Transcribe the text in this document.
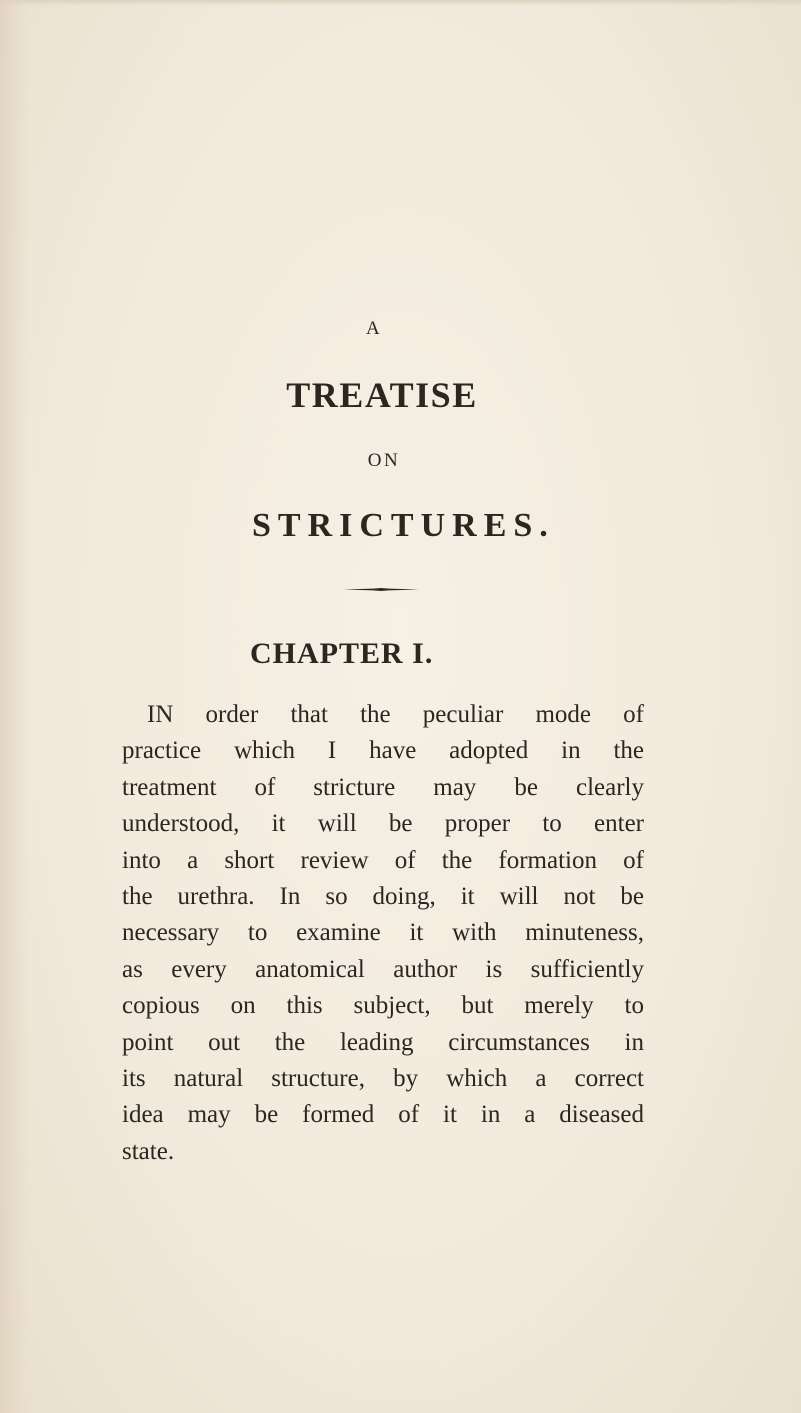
A

TREATISE

ON

STRICTURES.
CHAPTER I.
IN order that the peculiar mode of
practice which I have adopted in the
treatment of stricture may be clearly
understood, it will be proper to enter
into a short review of the formation of
the urethra. In so doing, it will not be
necessary to examine it with minuteness,
as every anatomical author is sufficiently
copious on this subject, but merely to
point out the leading circumstances in
its natural structure, by which a correct
idea may be formed of it in a diseased
state.
